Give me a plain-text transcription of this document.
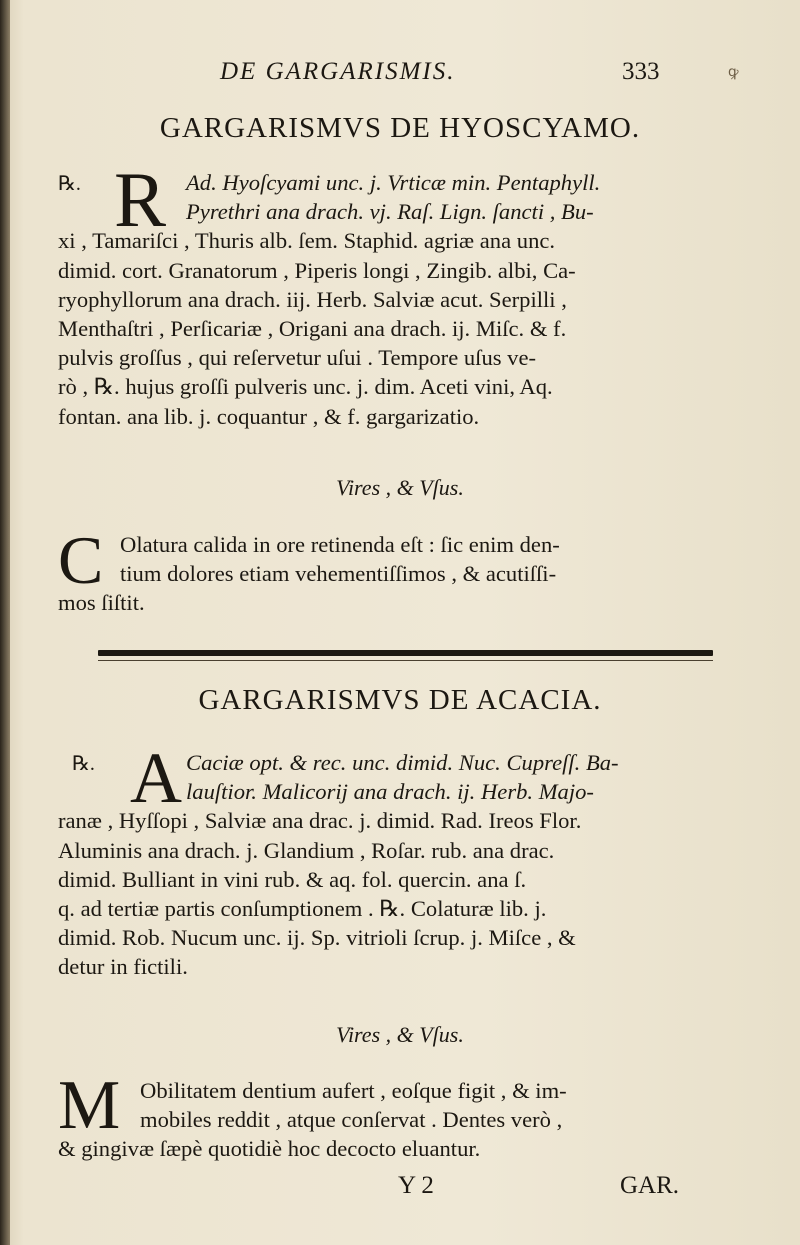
DE GARGARISMIS.	333	ꝙ
GARGARISMVS DE HYOSCYAMO.
℞. R Ad. Hyoſcyami unc. j. Vrticæ min. Pentaphyll.
Pyrethri ana drach. vj. Raſ. Lign. ſancti , Bu-
xi , Tamariſci , Thuris alb. ſem. Staphid. agriæ ana unc.
dimid. cort. Granatorum , Piperis longi , Zingib. albi, Ca-
ryophyllorum ana drach. iij. Herb. Salviæ acut. Serpilli ,
Menthaſtri , Perſicariæ , Origani ana drach. ij. Miſc. & f.
pulvis groſſus , qui reſervetur uſui . Tempore uſus ve-
rò , ℞. hujus groſſi pulveris unc. j. dim. Aceti vini, Aq.
fontan. ana lib. j. coquantur , & f. gargarizatio.
Vires , & Vſus.
C Olatura calida in ore retinenda eſt : ſic enim den-
tium dolores etiam vehementiſſimos , & acutiſſi-
mos ſiſtit.
GARGARISMVS DE ACACIA.
℞. A Caciæ opt. & rec. unc. dimid. Nuc. Cupreſſ. Ba-
lauſtior. Malicorij ana drach. ij. Herb. Majo-
ranæ , Hyſſopi , Salviæ ana drac. j. dimid. Rad. Ireos Flor.
Aluminis ana drach. j. Glandium , Roſar. rub. ana drac.
dimid. Bulliant in vini rub. & aq. fol. quercin. ana ſ.
q. ad tertiæ partis conſumptionem . ℞. Colaturæ lib. j.
dimid. Rob. Nucum unc. ij. Sp. vitrioli ſcrup. j. Miſce , &
detur in fictili.
Vires , & Vſus.
M Obilitatem dentium aufert , eoſque figit , & im-
mobiles reddit , atque conſervat . Dentes verò ,
& gingivæ ſæpè quotidiè hoc decocto eluantur.
Y 2	GAR.
